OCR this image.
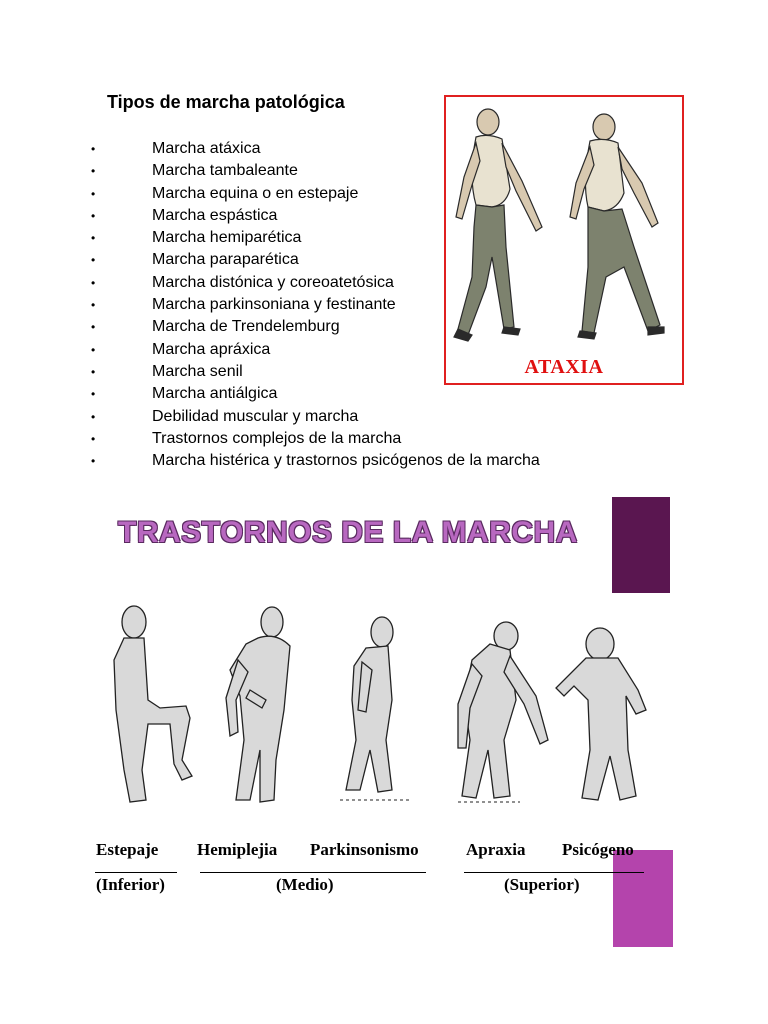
Tipos de marcha patológica
•	Marcha atáxica
•	Marcha tambaleante
•	Marcha equina o en estepaje
•	Marcha espástica
•	Marcha hemiparética
•	Marcha paraparética
•	Marcha distónica y coreoatetósica
•	Marcha parkinsoniana y festinante
•	Marcha de Trendelemburg
•	Marcha apráxica
•	Marcha senil
•	Marcha antiálgica
•	Debilidad muscular y marcha
•	Trastornos complejos de la marcha
•	Marcha histérica y trastornos psicógenos de la marcha
ATAXIA
TRASTORNOS DE LA MARCHA
Estepaje Hemiplejia Parkinsonismo	Apraxia Psicógeno
(Inferior)	(Medio)	(Superior)
